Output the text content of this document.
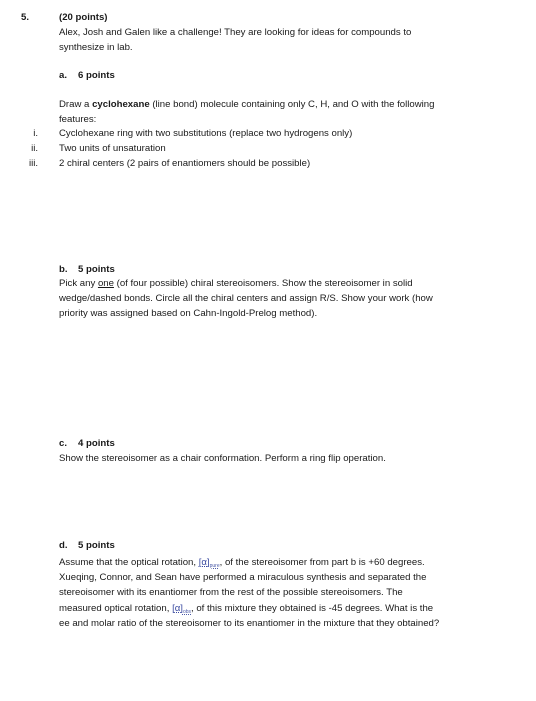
5.	(20 points)
Alex, Josh and Galen like a challenge! They are looking for ideas for compounds to
synthesize in lab.
a. 6 points
Draw a cyclohexane (line bond) molecule containing only C, H, and O with the following
features:
i. Cyclohexane ring with two substitutions (replace two hydrogens only)
ii. Two units of unsaturation
iii. 2 chiral centers (2 pairs of enantiomers should be possible)
b. 5 points
Pick any one (of four possible) chiral stereoisomers. Show the stereoisomer in solid
wedge/dashed bonds. Circle all the chiral centers and assign R/S. Show your work (how
priority was assigned based on Cahn-Ingold-Prelog method).
c. 4 points
Show the stereoisomer as a chair conformation. Perform a ring flip operation.
d. 5 points
Assume that the optical rotation, $[\alpha]_{pure}$, of the stereoisomer from part b is +60 degrees.
Xueqing, Connor, and Sean have performed a miraculous synthesis and separated the
stereoisomer with its enantiomer from the rest of the possible stereoisomers. The
measured optical rotation, $[\alpha]_{obs}$, of this mixture they obtained is -45 degrees. What is the
ee and molar ratio of the stereoisomer to its enantiomer in the mixture that they obtained?
